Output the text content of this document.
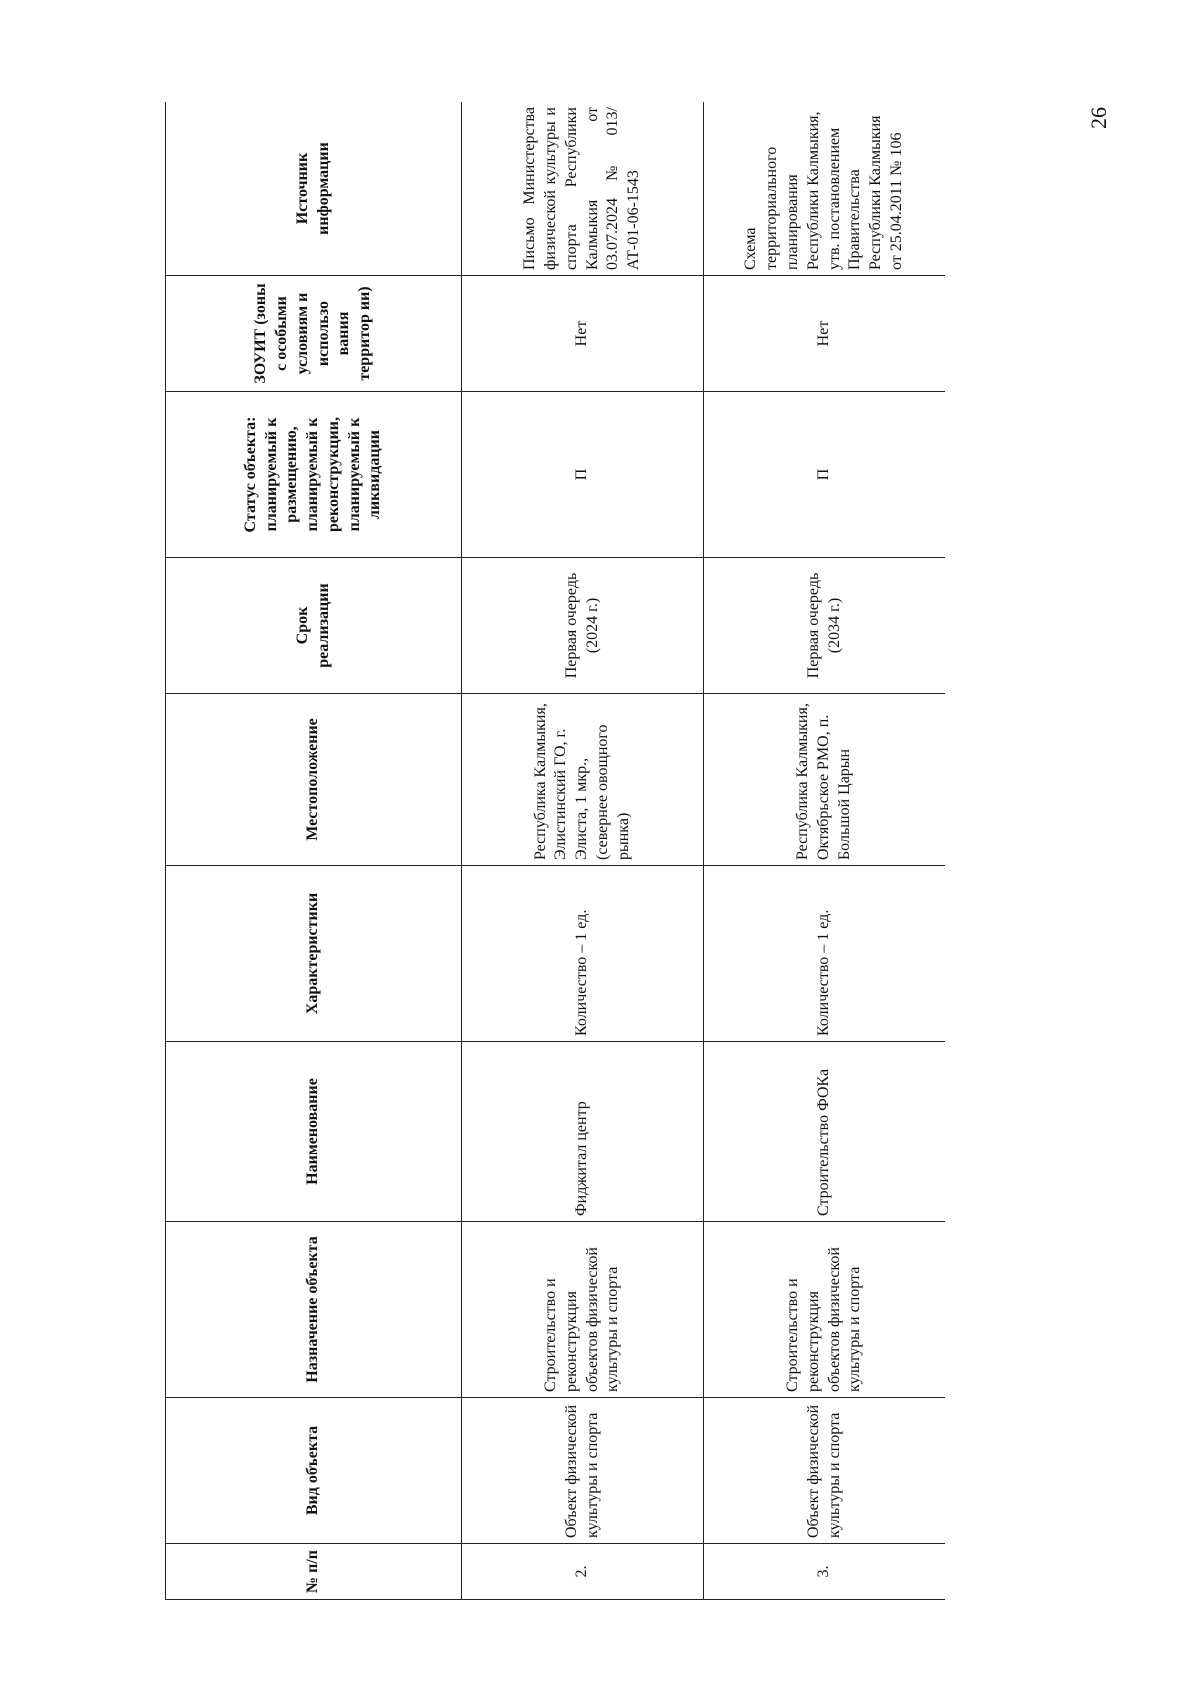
26
№ п/п	Вид объекта	Назначение объекта	Наименование	Характеристики	Местоположение	Срок реализации	Статус объекта: планируемый к размещению, планируемый к реконструкции, планируемый к ликвидации	ЗОУИТ (зоны с особыми условиям и использо вания территор ии)	Источник информации
2.	Объект физической культуры и спорта	Строительство и реконструкция объектов физической культуры и спорта	Фиджитал центр	Количество – 1 ед.	Республика Калмыкия, Элистинский ГО, г. Элиста, 1 мкр., (севернее овощного рынка)	Первая очередь (2024 г.)	П	Нет	Письмо Министерства физической культуры и спорта Республики Калмыкия от 03.07.2024 № 013/АТ-01-06-1543
3.	Объект физической культуры и спорта	Строительство и реконструкция объектов физической культуры и спорта	Строительство ФОКа	Количество – 1 ед.	Республика Калмыкия, Октябрьское РМО, п. Большой Царын	Первая очередь (2034 г.)	П	Нет	Схема территориального планирования Республики Калмыкия, утв. постановлением Правительства Республики Калмыкия от 25.04.2011 № 106
